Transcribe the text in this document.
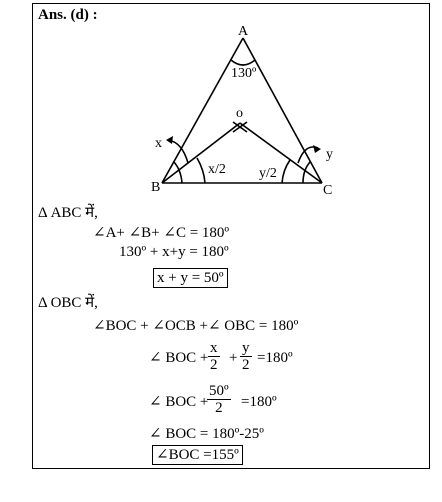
Ans. (d) :
A
B	C
o
130º
x
y
x/2 y/2
Δ ABC में,
∠A+ ∠B+ ∠C = 180º
130º + x+y = 180º
x + y = 50º
Δ OBC में,
∠BOC + ∠OCB +∠ OBC = 180º
∠ BOC + $\frac{x}{2} + \frac{y}{2}$ =180º
∠ BOC +
$\frac{\text{50º}}{2}$ =180º
∠ BOC = 180º-25º
∠BOC =155º
